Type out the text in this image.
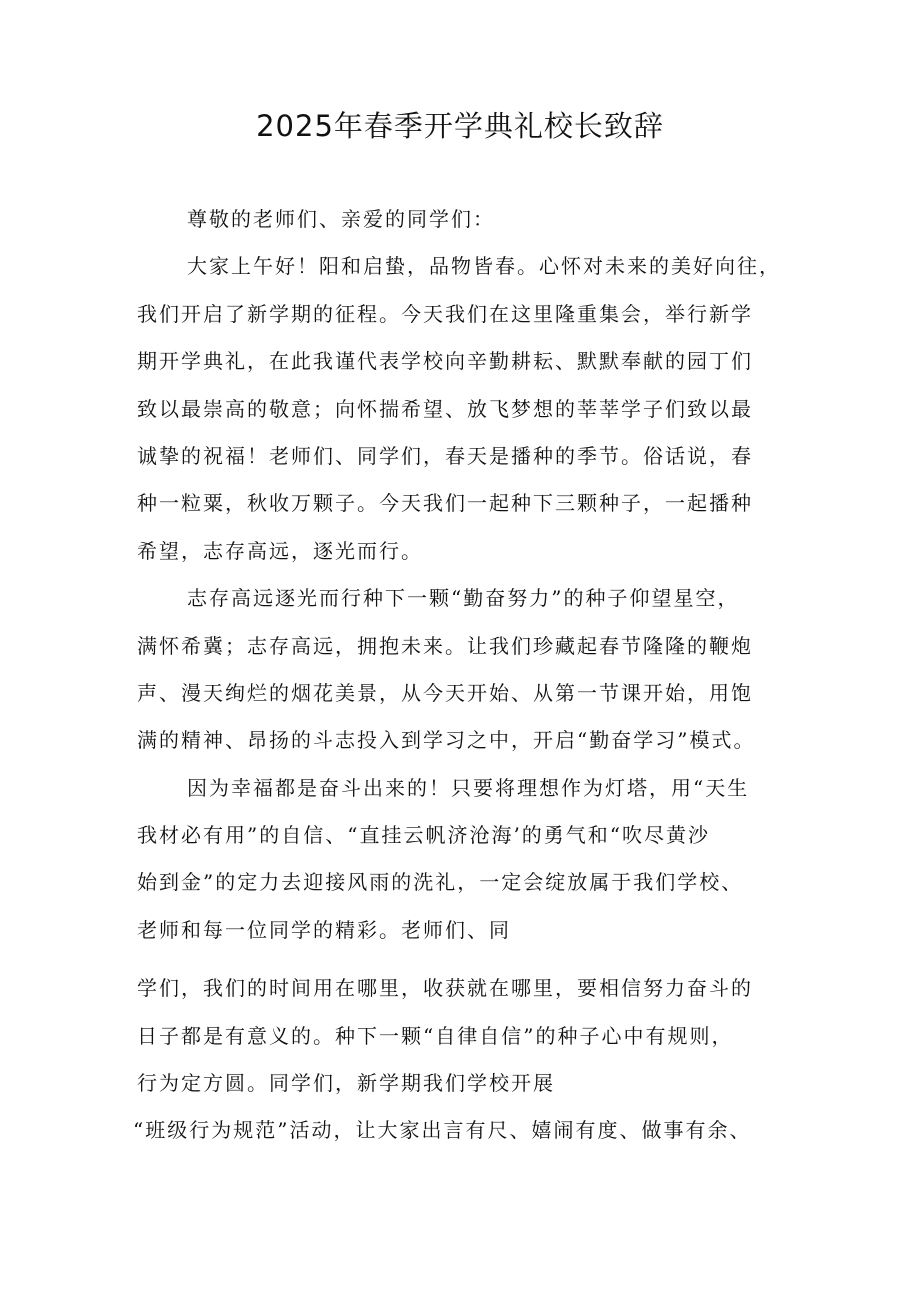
2025年春季开学典礼校长致辞

尊敬的老师们、亲爱的同学们：

大家上午好！阳和启蛰，品物皆春。心怀对未来的美好向往，

我们开启了新学期的征程。今天我们在这里隆重集会，举行新学

期开学典礼，在此我谨代表学校向辛勤耕耘、默默奉献的园丁们

致以最崇高的敬意；向怀揣希望、放飞梦想的莘莘学子们致以最

诚挚的祝福！老师们、同学们，春天是播种的季节。俗话说，春

种一粒粟，秋收万颗子。今天我们一起种下三颗种子，一起播种

希望，志存高远，逐光而行。

志存高远逐光而行种下一颗“勤奋努力”的种子仰望星空，

满怀希冀；志存高远，拥抱未来。让我们珍藏起春节隆隆的鞭炮

声、漫天绚烂的烟花美景，从今天开始、从第一节课开始，用饱

满的精神、昂扬的斗志投入到学习之中，开启“勤奋学习”模式。

因为幸福都是奋斗出来的！只要将理想作为灯塔，用“天生

我材必有用”的自信、“直挂云帆济沧海’的勇气和“吹尽黄沙

始到金”的定力去迎接风雨的洗礼，一定会绽放属于我们学校、

老师和每一位同学的精彩。老师们、同

学们，我们的时间用在哪里，收获就在哪里，要相信努力奋斗的

日子都是有意义的。种下一颗“自律自信”的种子心中有规则，

行为定方圆。同学们，新学期我们学校开展

“班级行为规范”活动，让大家出言有尺、嬉闹有度、做事有余、
